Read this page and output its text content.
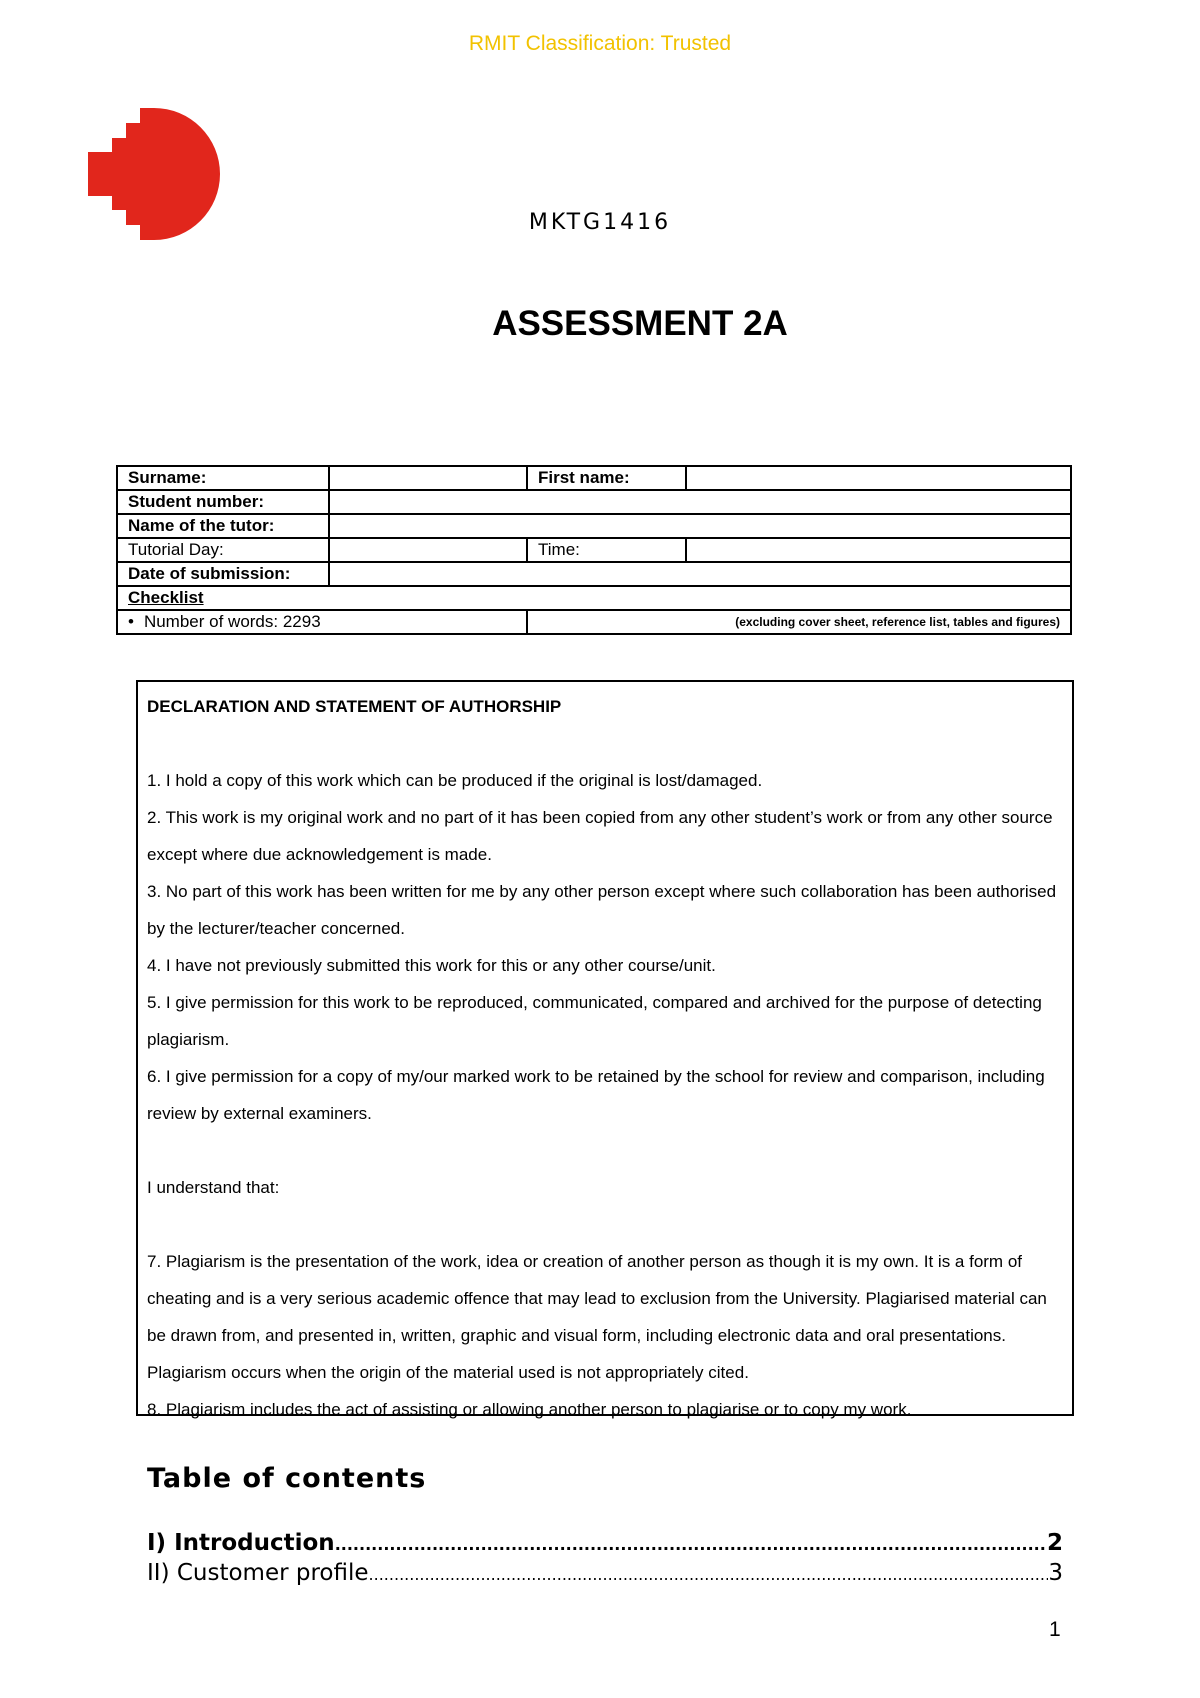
RMIT Classification: Trusted
MKTG1416
ASSESSMENT 2A
Surname:		First name:	
Student number:			
Name of the tutor:			
Tutorial Day:		Time:	
Date of submission:			
Checklist			
• Number of words: 2293		(excluding cover sheet, reference list, tables and figures)	

DECLARATION AND STATEMENT OF AUTHORSHIP

1. I hold a copy of this work which can be produced if the original is lost/damaged.

2. This work is my original work and no part of it has been copied from any other student’s work or from any other source except where due acknowledgement is made.

3. No part of this work has been written for me by any other person except where such collaboration has been authorised by the lecturer/teacher concerned.

4. I have not previously submitted this work for this or any other course/unit.

5. I give permission for this work to be reproduced, communicated, compared and archived for the purpose of detecting plagiarism.

6. I give permission for a copy of my/our marked work to be retained by the school for review and comparison, including review by external examiners.

I understand that:

7. Plagiarism is the presentation of the work, idea or creation of another person as though it is my own. It is a form of cheating and is a very serious academic offence that may lead to exclusion from the University. Plagiarised material can be drawn from, and presented in, written, graphic and visual form, including electronic data and oral presentations. Plagiarism occurs when the origin of the material used is not appropriately cited.

8. Plagiarism includes the act of assisting or allowing another person to plagiarise or to copy my work.

Table of contents
I) Introduction .....	2
II) Customer profile .....	3
1
